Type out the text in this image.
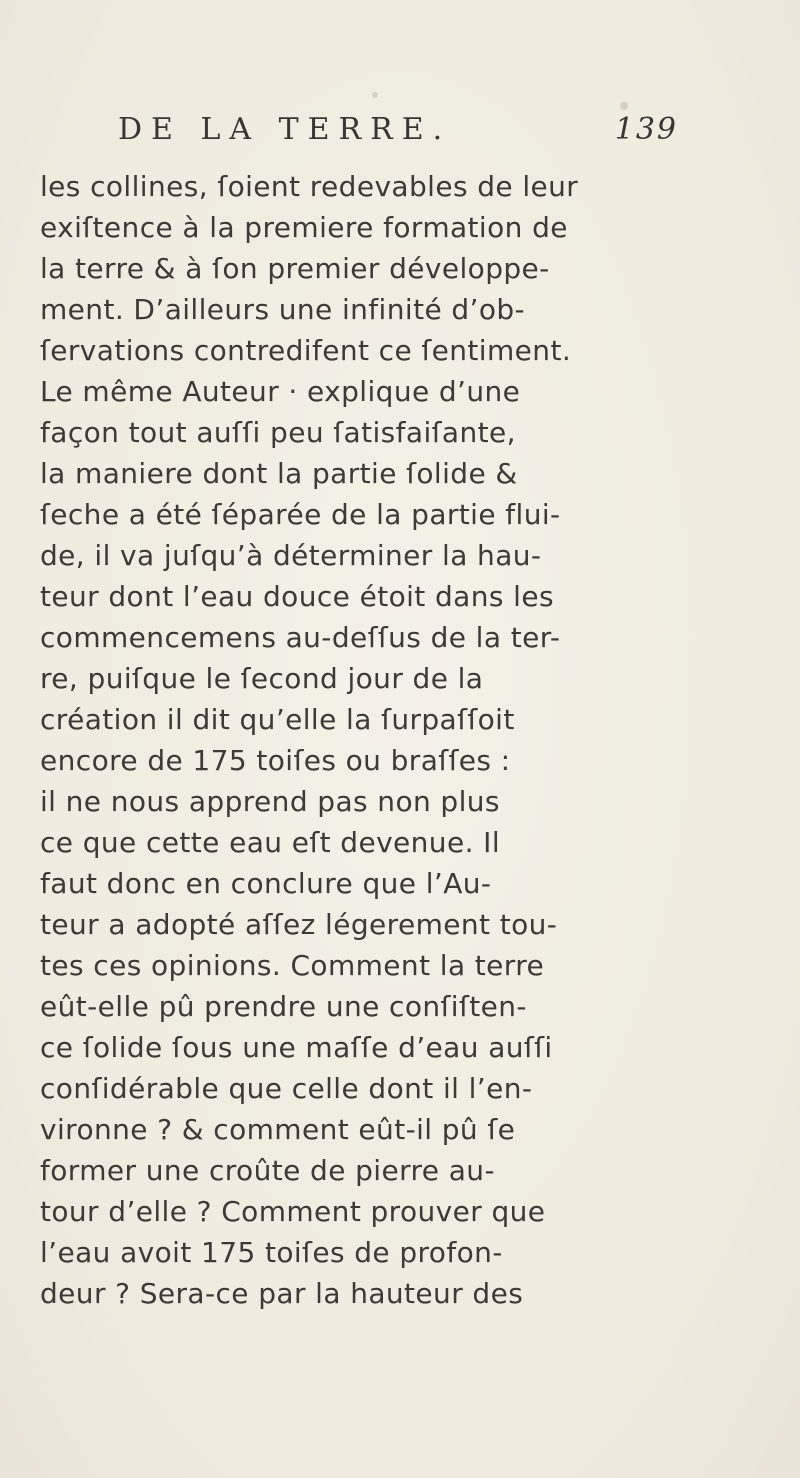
DE LA TERRE.	139
les collines, ſoient redevables de leur
exiſtence à la premiere formation de
la terre & à ſon premier développe-
ment. D’ailleurs une infinité d’ob-
ſervations contredifent ce ſentiment.
Le même Auteur · explique d’une
façon tout auſſi peu ſatisfaiſante,
la maniere dont la partie ſolide &
ſeche a été ſéparée de la partie flui-
de, il va juſqu’à déterminer la hau-
teur dont l’eau douce étoit dans les
commencemens au-deſſus de la ter-
re, puiſque le ſecond jour de la
création il dit qu’elle la ſurpaſſoit
encore de 175 toiſes ou braſſes :
il ne nous apprend pas non plus
ce que cette eau eſt devenue. Il
faut donc en conclure que l’Au-
teur a adopté aſſez légerement tou-
tes ces opinions. Comment la terre
eût-elle pû prendre une conſiſten-
ce ſolide ſous une maſſe d’eau auſſi
conſidérable que celle dont il l’en-
vironne ? & comment eût-il pû ſe
former une croûte de pierre au-
tour d’elle ? Comment prouver que
l’eau avoit 175 toiſes de profon-
deur ? Sera-ce par la hauteur des
